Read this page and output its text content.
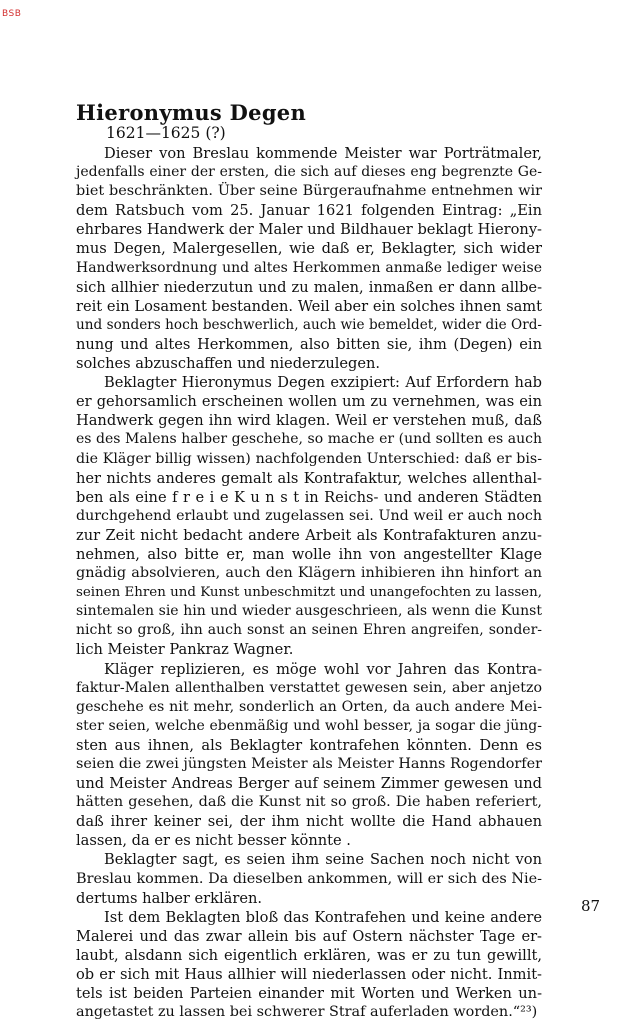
BSB
Hieronymus Degen
1621—1625 (?)
Dieser von Breslau kommende Meister war Porträtmaler,
jedenfalls einer der ersten, die sich auf dieses eng begrenzte Ge-
biet beschränkten. Über seine Bürgeraufnahme entnehmen wir
dem Ratsbuch vom 25. Januar 1621 folgenden Eintrag: „Ein
ehrbares Handwerk der Maler und Bildhauer beklagt Hierony-
mus Degen, Malergesellen, wie daß er, Beklagter, sich wider
Handwerksordnung und altes Herkommen anmaße lediger weise
sich allhier niederzutun und zu malen, inmaßen er dann allbe-
reit ein Losament bestanden. Weil aber ein solches ihnen samt
und sonders hoch beschwerlich, auch wie bemeldet, wider die Ord-
nung und altes Herkommen, also bitten sie, ihm (Degen) ein
solches abzuschaffen und niederzulegen.
Beklagter Hieronymus Degen exzipiert: Auf Erfordern hab
er gehorsamlich erscheinen wollen um zu vernehmen, was ein
Handwerk gegen ihn wird klagen. Weil er verstehen muß, daß
es des Malens halber geschehe, so mache er (und sollten es auch
die Kläger billig wissen) nachfolgenden Unterschied: daß er bis-
her nichts anderes gemalt als Kontrafaktur, welches allenthal-
ben als eine f r e i e K u n s t in Reichs- und anderen Städten
durchgehend erlaubt und zugelassen sei. Und weil er auch noch
zur Zeit nicht bedacht andere Arbeit als Kontrafakturen anzu-
nehmen, also bitte er, man wolle ihn von angestellter Klage
gnädig absolvieren, auch den Klägern inhibieren ihn hinfort an
seinen Ehren und Kunst unbeschmitzt und unangefochten zu lassen,
sintemalen sie hin und wieder ausgeschrieen, als wenn die Kunst
nicht so groß, ihn auch sonst an seinen Ehren angreifen, sonder-
lich Meister Pankraz Wagner.
Kläger replizieren, es möge wohl vor Jahren das Kontra-
faktur-Malen allenthalben verstattet gewesen sein, aber anjetzo
geschehe es nit mehr, sonderlich an Orten, da auch andere Mei-
ster seien, welche ebenmäßig und wohl besser, ja sogar die jüng-
sten aus ihnen, als Beklagter kontrafehen könnten. Denn es
seien die zwei jüngsten Meister als Meister Hanns Rogendorfer
und Meister Andreas Berger auf seinem Zimmer gewesen und
hätten gesehen, daß die Kunst nit so groß. Die haben referiert,
daß ihrer keiner sei, der ihm nicht wollte die Hand abhauen
lassen, da er es nicht besser könnte .
Beklagter sagt, es seien ihm seine Sachen noch nicht von
Breslau kommen. Da dieselben ankommen, will er sich des Nie-
dertums halber erklären.
Ist dem Beklagten bloß das Kontrafehen und keine andere
Malerei und das zwar allein bis auf Ostern nächster Tage er-
laubt, alsdann sich eigentlich erklären, was er zu tun gewillt,
ob er sich mit Haus allhier will niederlassen oder nicht. Inmit-
tels ist beiden Parteien einander mit Worten und Werken un-
angetastet zu lassen bei schwerer Straf auferladen worden.“²³)
87
